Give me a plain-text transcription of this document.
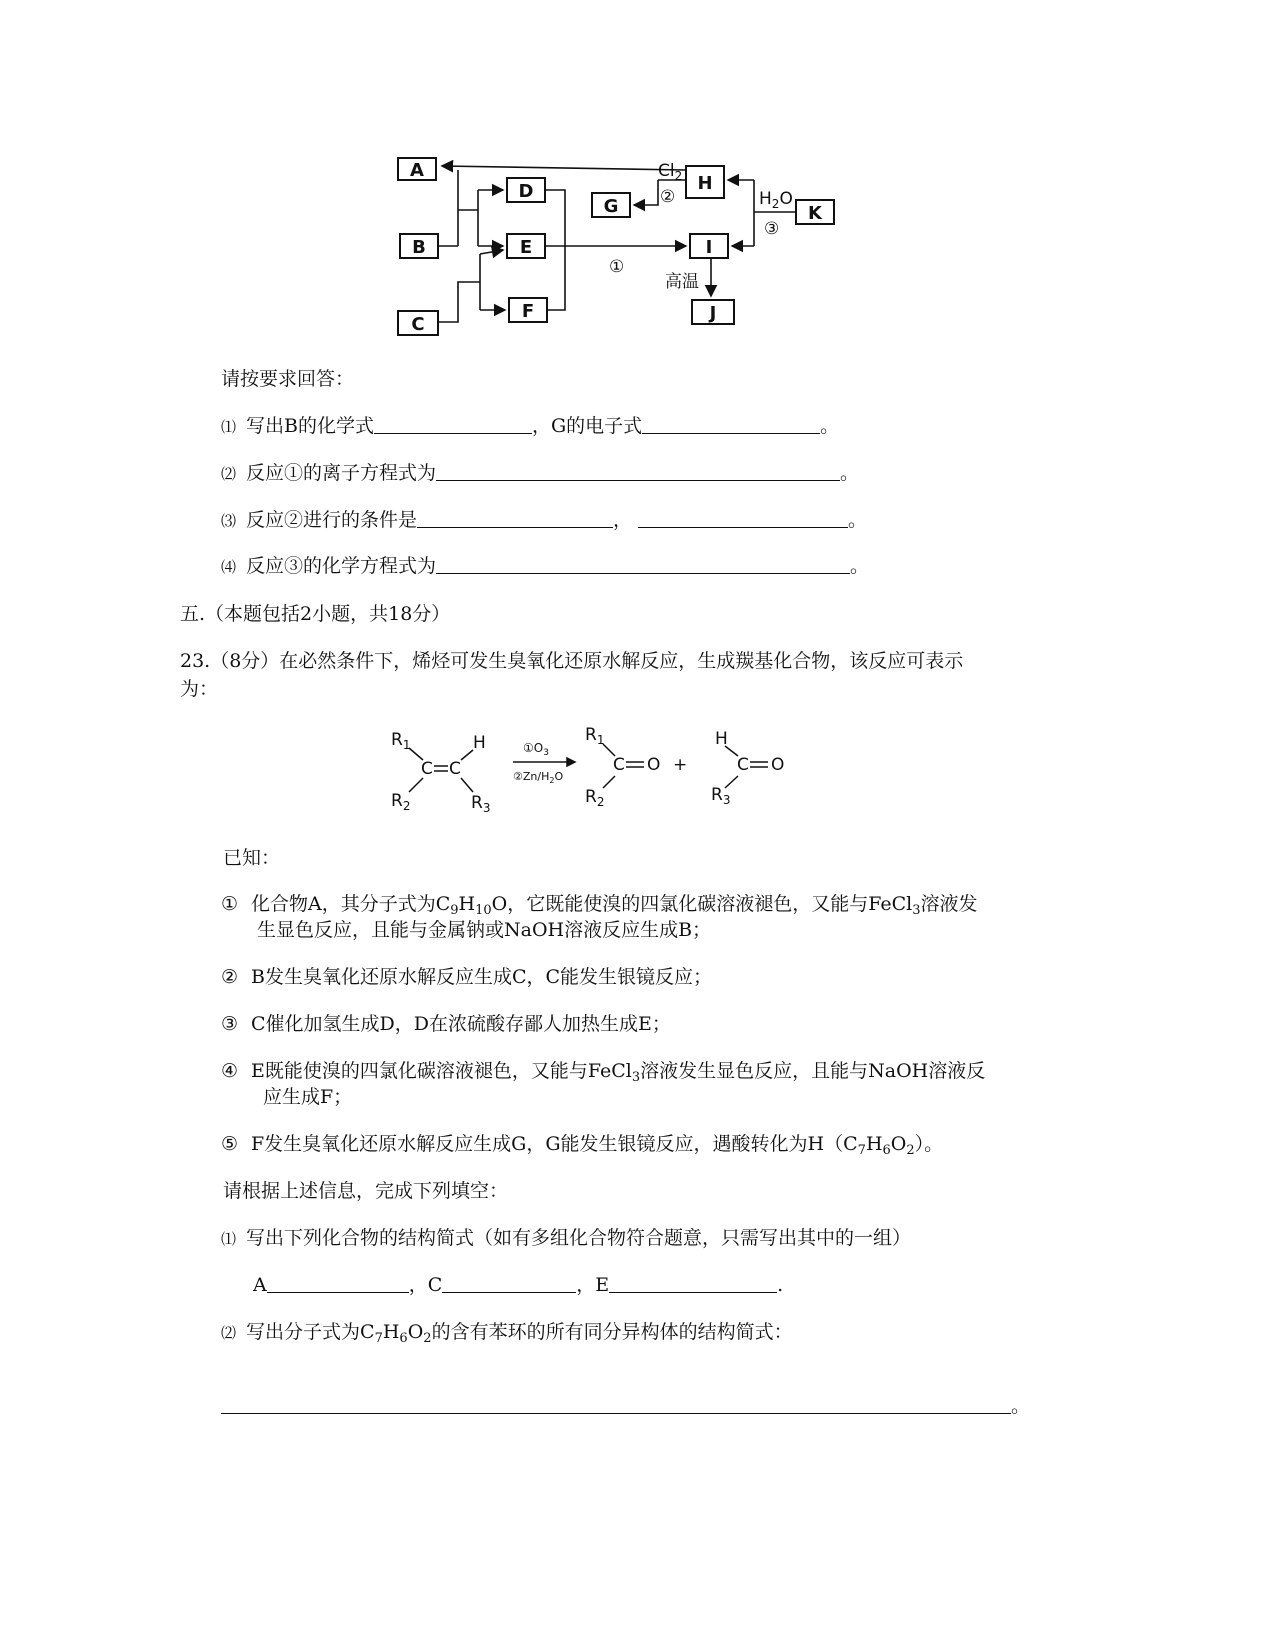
A
B
C
D
E
F
G
H
I
J
K
$Cl_2$
$H_2O$
①
②
③
高温
请按要求回答：
⑴ 写出B的化学式	，G的电子式	。
⑵ 反应①的离子方程式为	。
⑶ 反应②进行的条件是	，	。
⑷ 反应③的化学方程式为	。
五.（本题包括2小题，共18分）
23.（8分）在必然条件下，烯烃可发生臭氧化还原水解反应，生成羰基化合物，该反应可表示
为：
$R_1$	H
C C
$R_2$	$R_3$
$①O_3$
②Zn/$H_2O$
$R_1$
C O
$R_2$
+
H
C O
$R_3$
已知：
① 化合物A，其分子式为$C_9H_{10}O$，它既能使溴的四氯化碳溶液褪色，又能与FeCl$_3$溶液发
生显色反应，且能与金属钠或NaOH溶液反应生成B；
② B发生臭氧化还原水解反应生成C，C能发生银镜反应；
③ C催化加氢生成D，D在浓硫酸存鄙人加热生成E；
④ E既能使溴的四氯化碳溶液褪色，又能与FeCl$_3$溶液发生显色反应，且能与NaOH溶液反
应生成F；
⑤ F发生臭氧化还原水解反应生成G，G能发生银镜反应，遇酸转化为$H(C_7H_6O_2)$。
请根据上述信息，完成下列填空：
⑴ 写出下列化合物的结构简式（如有多组化合物符合题意，只需写出其中的一组）
A	，C	，E	.
⑵ 写出分子式为$C_7H_6O_2$的含有苯环的所有同分异构体的结构简式：
。
